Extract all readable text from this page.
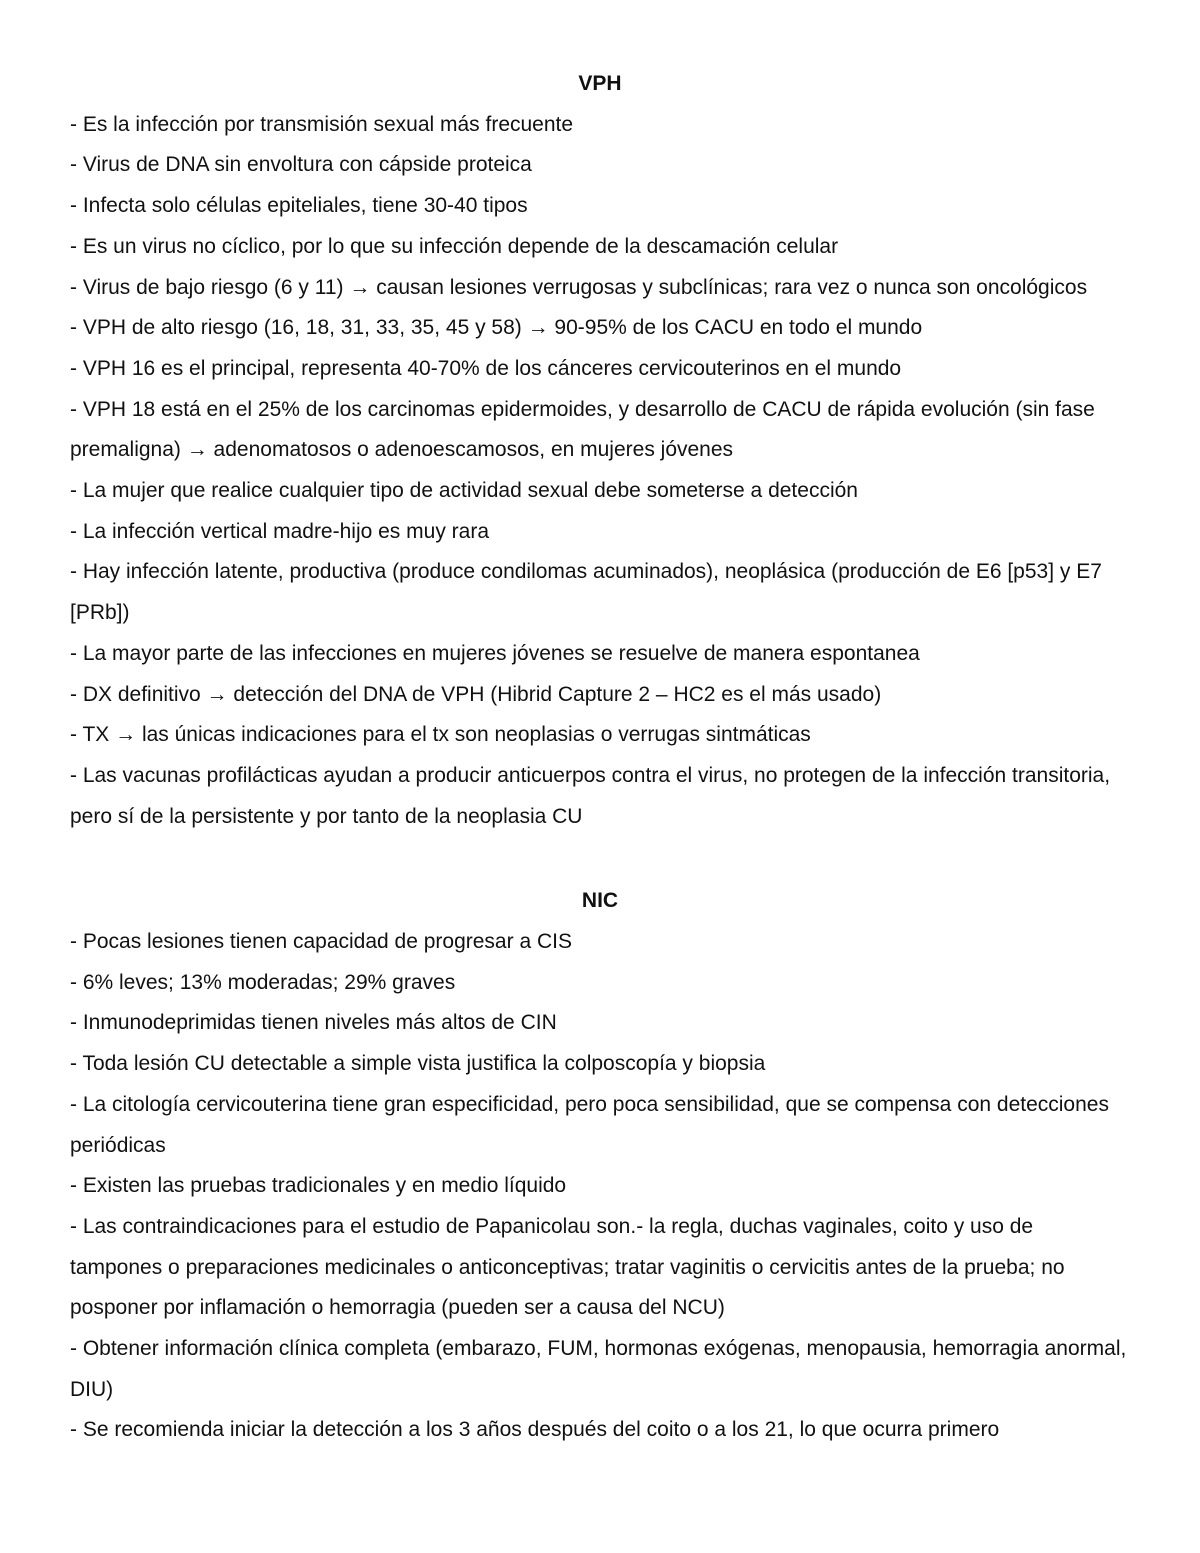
VPH

- Es la infección por transmisión sexual más frecuente

- Virus de DNA sin envoltura con cápside proteica

- Infecta solo células epiteliales, tiene 30-40 tipos

- Es un virus no cíclico, por lo que su infección depende de la descamación celular

- Virus de bajo riesgo (6 y 11) → causan lesiones verrugosas y subclínicas; rara vez o nunca son oncológicos

- VPH de alto riesgo (16, 18, 31, 33, 35, 45 y 58) → 90-95% de los CACU en todo el mundo

- VPH 16 es el principal, representa 40-70% de los cánceres cervicouterinos en el mundo

- VPH 18 está en el 25% de los carcinomas epidermoides, y desarrollo de CACU de rápida evolución (sin fase premaligna) → adenomatosos o adenoescamosos, en mujeres jóvenes

- La mujer que realice cualquier tipo de actividad sexual debe someterse a detección

- La infección vertical madre-hijo es muy rara

- Hay infección latente, productiva (produce condilomas acuminados), neoplásica (producción de E6 [p53] y E7 [PRb])

- La mayor parte de las infecciones en mujeres jóvenes se resuelve de manera espontanea

- DX definitivo → detección del DNA de VPH (Hibrid Capture 2 – HC2 es el más usado)

- TX → las únicas indicaciones para el tx son neoplasias o verrugas sintmáticas

- Las vacunas profilácticas ayudan a producir anticuerpos contra el virus, no protegen de la infección transitoria, pero sí de la persistente y por tanto de la neoplasia CU

NIC

- Pocas lesiones tienen capacidad de progresar a CIS

- 6% leves; 13% moderadas; 29% graves

- Inmunodeprimidas tienen niveles más altos de CIN

- Toda lesión CU detectable a simple vista justifica la colposcopía y biopsia

- La citología cervicouterina tiene gran especificidad, pero poca sensibilidad, que se compensa con detecciones periódicas

- Existen las pruebas tradicionales y en medio líquido

- Las contraindicaciones para el estudio de Papanicolau son.- la regla, duchas vaginales, coito y uso de tampones o preparaciones medicinales o anticonceptivas; tratar vaginitis o cervicitis antes de la prueba; no posponer por inflamación o hemorragia (pueden ser a causa del NCU)

- Obtener información clínica completa (embarazo, FUM, hormonas exógenas, menopausia, hemorragia anormal, DIU)

- Se recomienda iniciar la detección a los 3 años después del coito o a los 21, lo que ocurra primero
